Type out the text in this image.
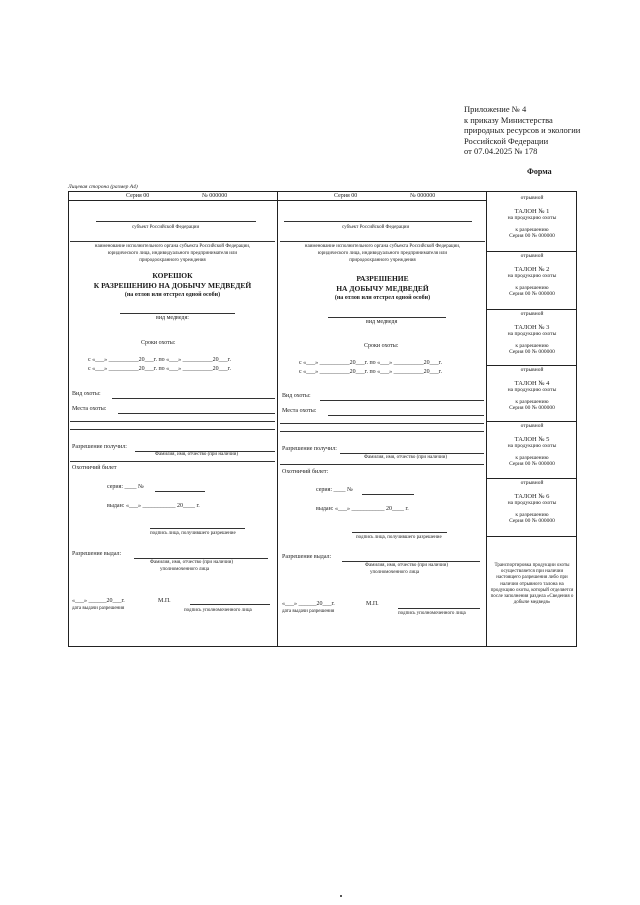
Приложение № 4
к приказу Министерства
природных ресурсов и экологии
Российской Федерации
от 07.04.2025 № 178
Форма
Лицевая сторона (размер А4)
Серия 00	№ 000000
субъект Российской Федерации
наименование исполнительного органа субъекта Российской Федерации,
юридического лица, индивидуального предпринимателя или
природоохранного учреждения
КОРЕШОК
К РАЗРЕШЕНИЮ НА ДОБЫЧУ МЕДВЕДЕЙ
(на отлов или отстрел одной особи)
вид медведя:
Сроки охоты:
с «___» __________20___г. по «___» __________20___г.
с «___» __________20___г. по «___» __________20___г.
Вид охоты:
Места охоты:
Разрешение получил:
Фамилия, имя, отчество (при наличии)
Охотничий билет
серия: ____ №
выдан: «___» ___________ 20____ г.
подпись лица, получившего разрешение
Разрешение выдал:
Фамилия, имя, отчество (при наличии)
уполномоченного лица
«___» ______20___г.	М.П.
дата выдачи разрешения	подпись уполномоченного лица
Серия 00	№ 000000
субъект Российской Федерации
наименование исполнительного органа субъекта Российской Федерации,
юридического лица, индивидуального предпринимателя или
природоохранного учреждения
РАЗРЕШЕНИЕ
НА ДОБЫЧУ МЕДВЕДЕЙ
(на отлов или отстрел одной особи)
вид медведя
Сроки охоты:
с «___» __________20___г. по «___» __________20___г.
с «___» __________20___г. по «___» __________20___г.
Вид охоты:
Места охоты:
Разрешение получил:
Фамилия, имя, отчество (при наличии)
Охотничий билет:
серия: ____ №
выдан: «___» ___________ 20____ г.
подпись лица, получившего разрешение
Разрешение выдал:
Фамилия, имя, отчество (при наличии)
уполномоченного лица
«___» ______20___г.	М.П.
дата выдачи разрешения	подпись уполномоченного лица
отрывной
ТАЛОН № 1
на продукцию охоты
к разрешению
Серия 00 № 000000
отрывной
ТАЛОН № 2
на продукцию охоты
к разрешению
Серия 00 № 000000
отрывной
ТАЛОН № 3
на продукцию охоты
к разрешению
Серия 00 № 000000
отрывной
ТАЛОН № 4
на продукцию охоты
к разрешению
Серия 00 № 000000
отрывной
ТАЛОН № 5
на продукцию охоты
к разрешению
Серия 00 № 000000
отрывной
ТАЛОН № 6
на продукцию охоты
к разрешению
Серия 00 № 000000
Транспортировка продукции охоты осуществляется при наличии настоящего разрешения либо при наличии отрывного талона на продукцию охоты, который отделяется после заполнения раздела «Сведения о добыче медведя»
